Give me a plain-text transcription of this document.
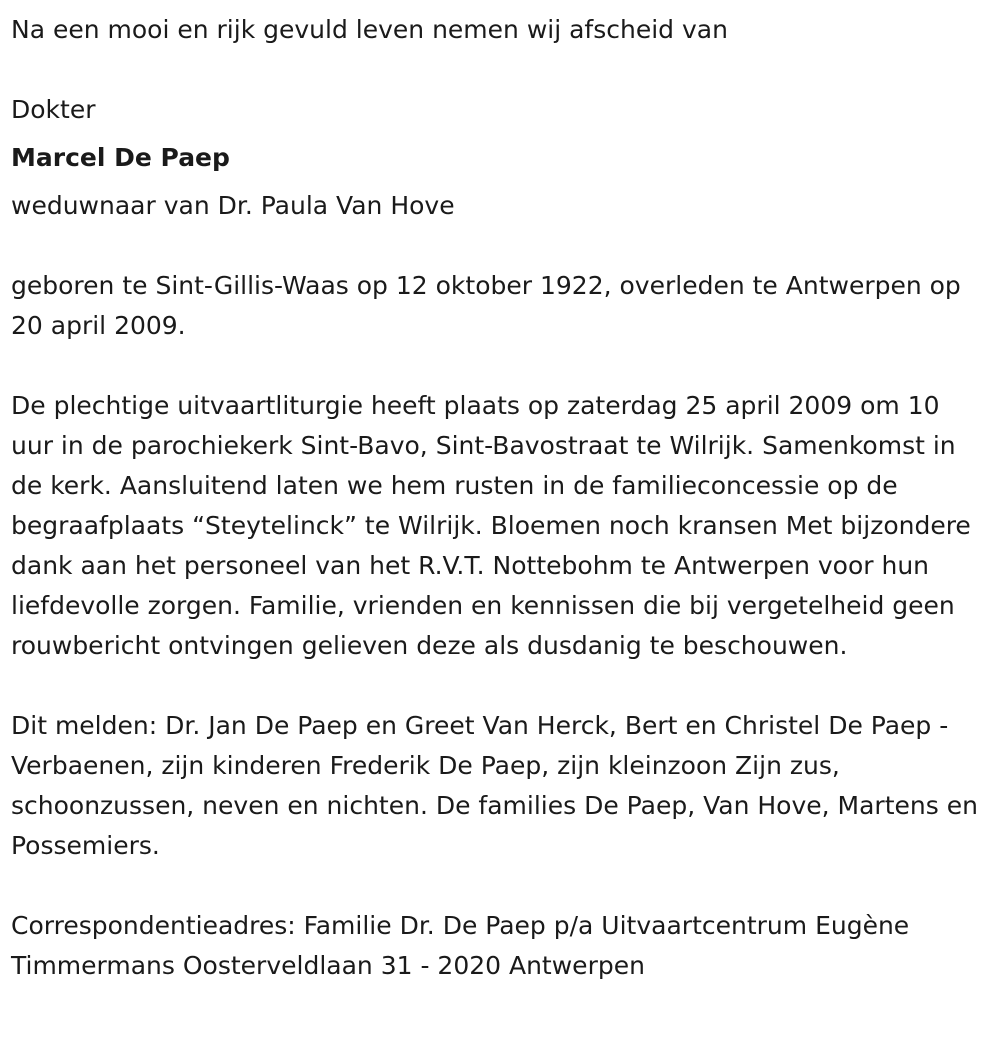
Na een mooi en rijk gevuld leven nemen wij afscheid van

Dokter

Marcel De Paep

weduwnaar van Dr. Paula Van Hove

geboren te Sint-Gillis-Waas op 12 oktober 1922, overleden te Antwerpen op 20 april 2009.

De plechtige uitvaartliturgie heeft plaats op zaterdag 25 april 2009 om 10 uur in de parochiekerk Sint-Bavo, Sint-Bavostraat te Wilrijk. Samenkomst in de kerk. Aansluitend laten we hem rusten in de familieconcessie op de begraafplaats “Steytelinck” te Wilrijk. Bloemen noch kransen Met bijzondere dank aan het personeel van het R.V.T. Nottebohm te Antwerpen voor hun liefdevolle zorgen. Familie, vrienden en kennissen die bij vergetelheid geen rouwbericht ontvingen gelieven deze als dusdanig te beschouwen.

Dit melden: Dr. Jan De Paep en Greet Van Herck, Bert en Christel De Paep - Verbaenen, zijn kinderen Frederik De Paep, zijn kleinzoon Zijn zus, schoonzussen, neven en nichten. De families De Paep, Van Hove, Martens en Possemiers.

Correspondentieadres: Familie Dr. De Paep p/a Uitvaartcentrum Eugène Timmermans Oosterveldlaan 31 - 2020 Antwerpen
